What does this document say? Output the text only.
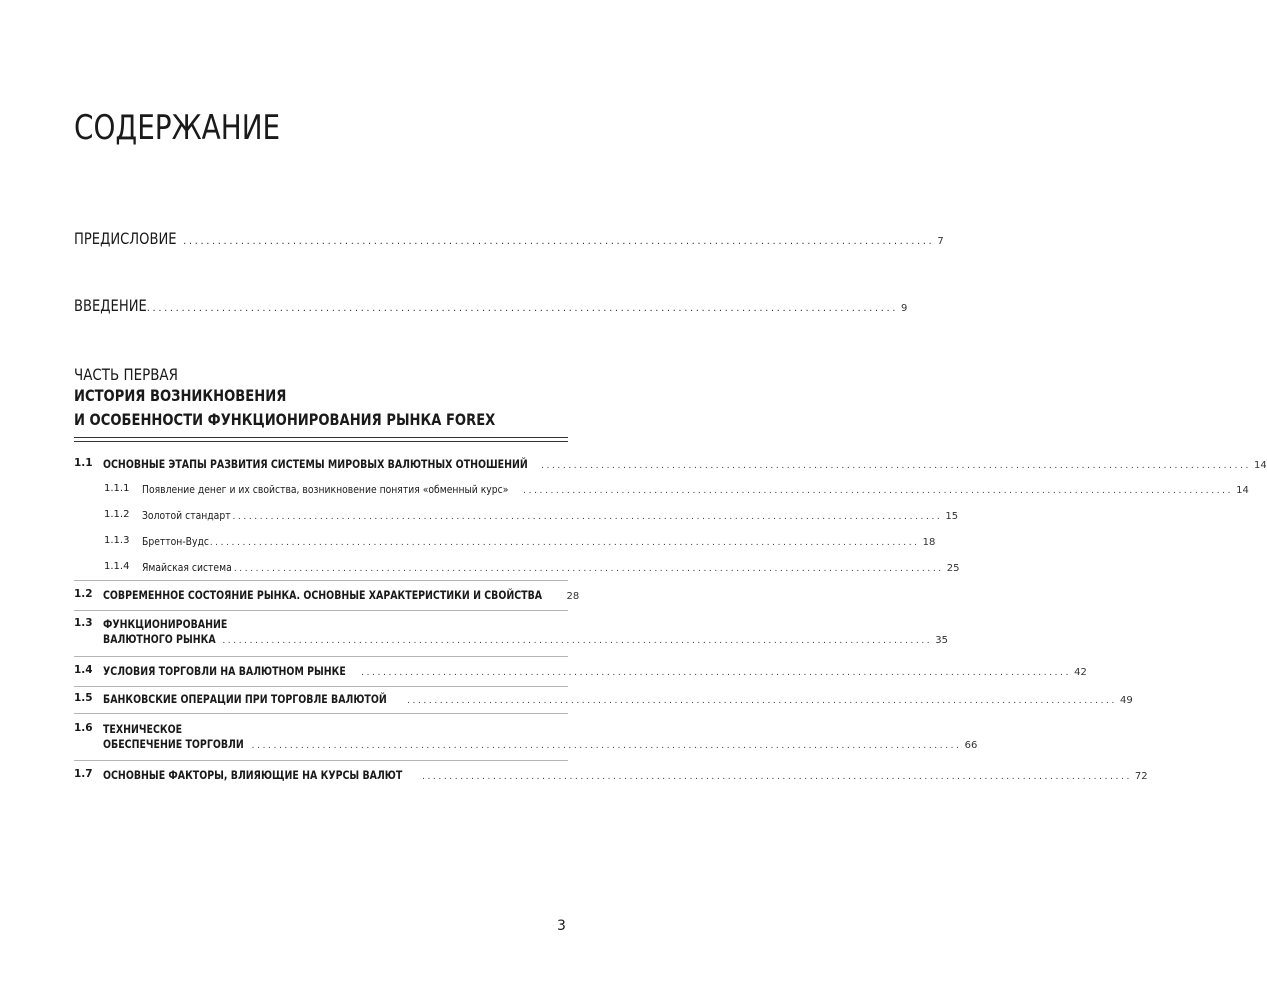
СОДЕРЖАНИЕ
ПРЕДИСЛОВИЕ .................................................................................................................................. 7
ВВЕДЕНИЕ .................................................................................................................................. 9
ЧАСТЬ ПЕРВАЯ
ИСТОРИЯ ВОЗНИКНОВЕНИЯ
И ОСОБЕННОСТИ ФУНКЦИОНИРОВАНИЯ РЫНКА FOREX
1.1 ОСНОВНЫЕ ЭТАПЫ РАЗВИТИЯ СИСТЕМЫ МИРОВЫХ ВАЛЮТНЫХ ОТНОШЕНИЙ .................................................................................................................................. 14
1.1.1 Появление денег и их свойства, возникновение понятия «обменный курс» .................................................................................................................................. 14
1.1.2 Золотой стандарт .................................................................................................................................. 15
1.1.3 Бреттон-Вудс .................................................................................................................................. 18
1.1.4 Ямайская система .................................................................................................................................. 25
1.2 СОВРЕМЕННОЕ СОСТОЯНИЕ РЫНКА. ОСНОВНЫЕ ХАРАКТЕРИСТИКИ И СВОЙСТВА 28
1.3 ФУНКЦИОНИРОВАНИЕ
ВАЛЮТНОГО РЫНКА .................................................................................................................................. 35
1.4 УСЛОВИЯ ТОРГОВЛИ НА ВАЛЮТНОМ РЫНКЕ .................................................................................................................................. 42
1.5 БАНКОВСКИЕ ОПЕРАЦИИ ПРИ ТОРГОВЛЕ ВАЛЮТОЙ .................................................................................................................................. 49
1.6 ТЕХНИЧЕСКОЕ
ОБЕСПЕЧЕНИЕ ТОРГОВЛИ .................................................................................................................................. 66
1.7 ОСНОВНЫЕ ФАКТОРЫ, ВЛИЯЮЩИЕ НА КУРСЫ ВАЛЮТ .................................................................................................................................. 72
3
